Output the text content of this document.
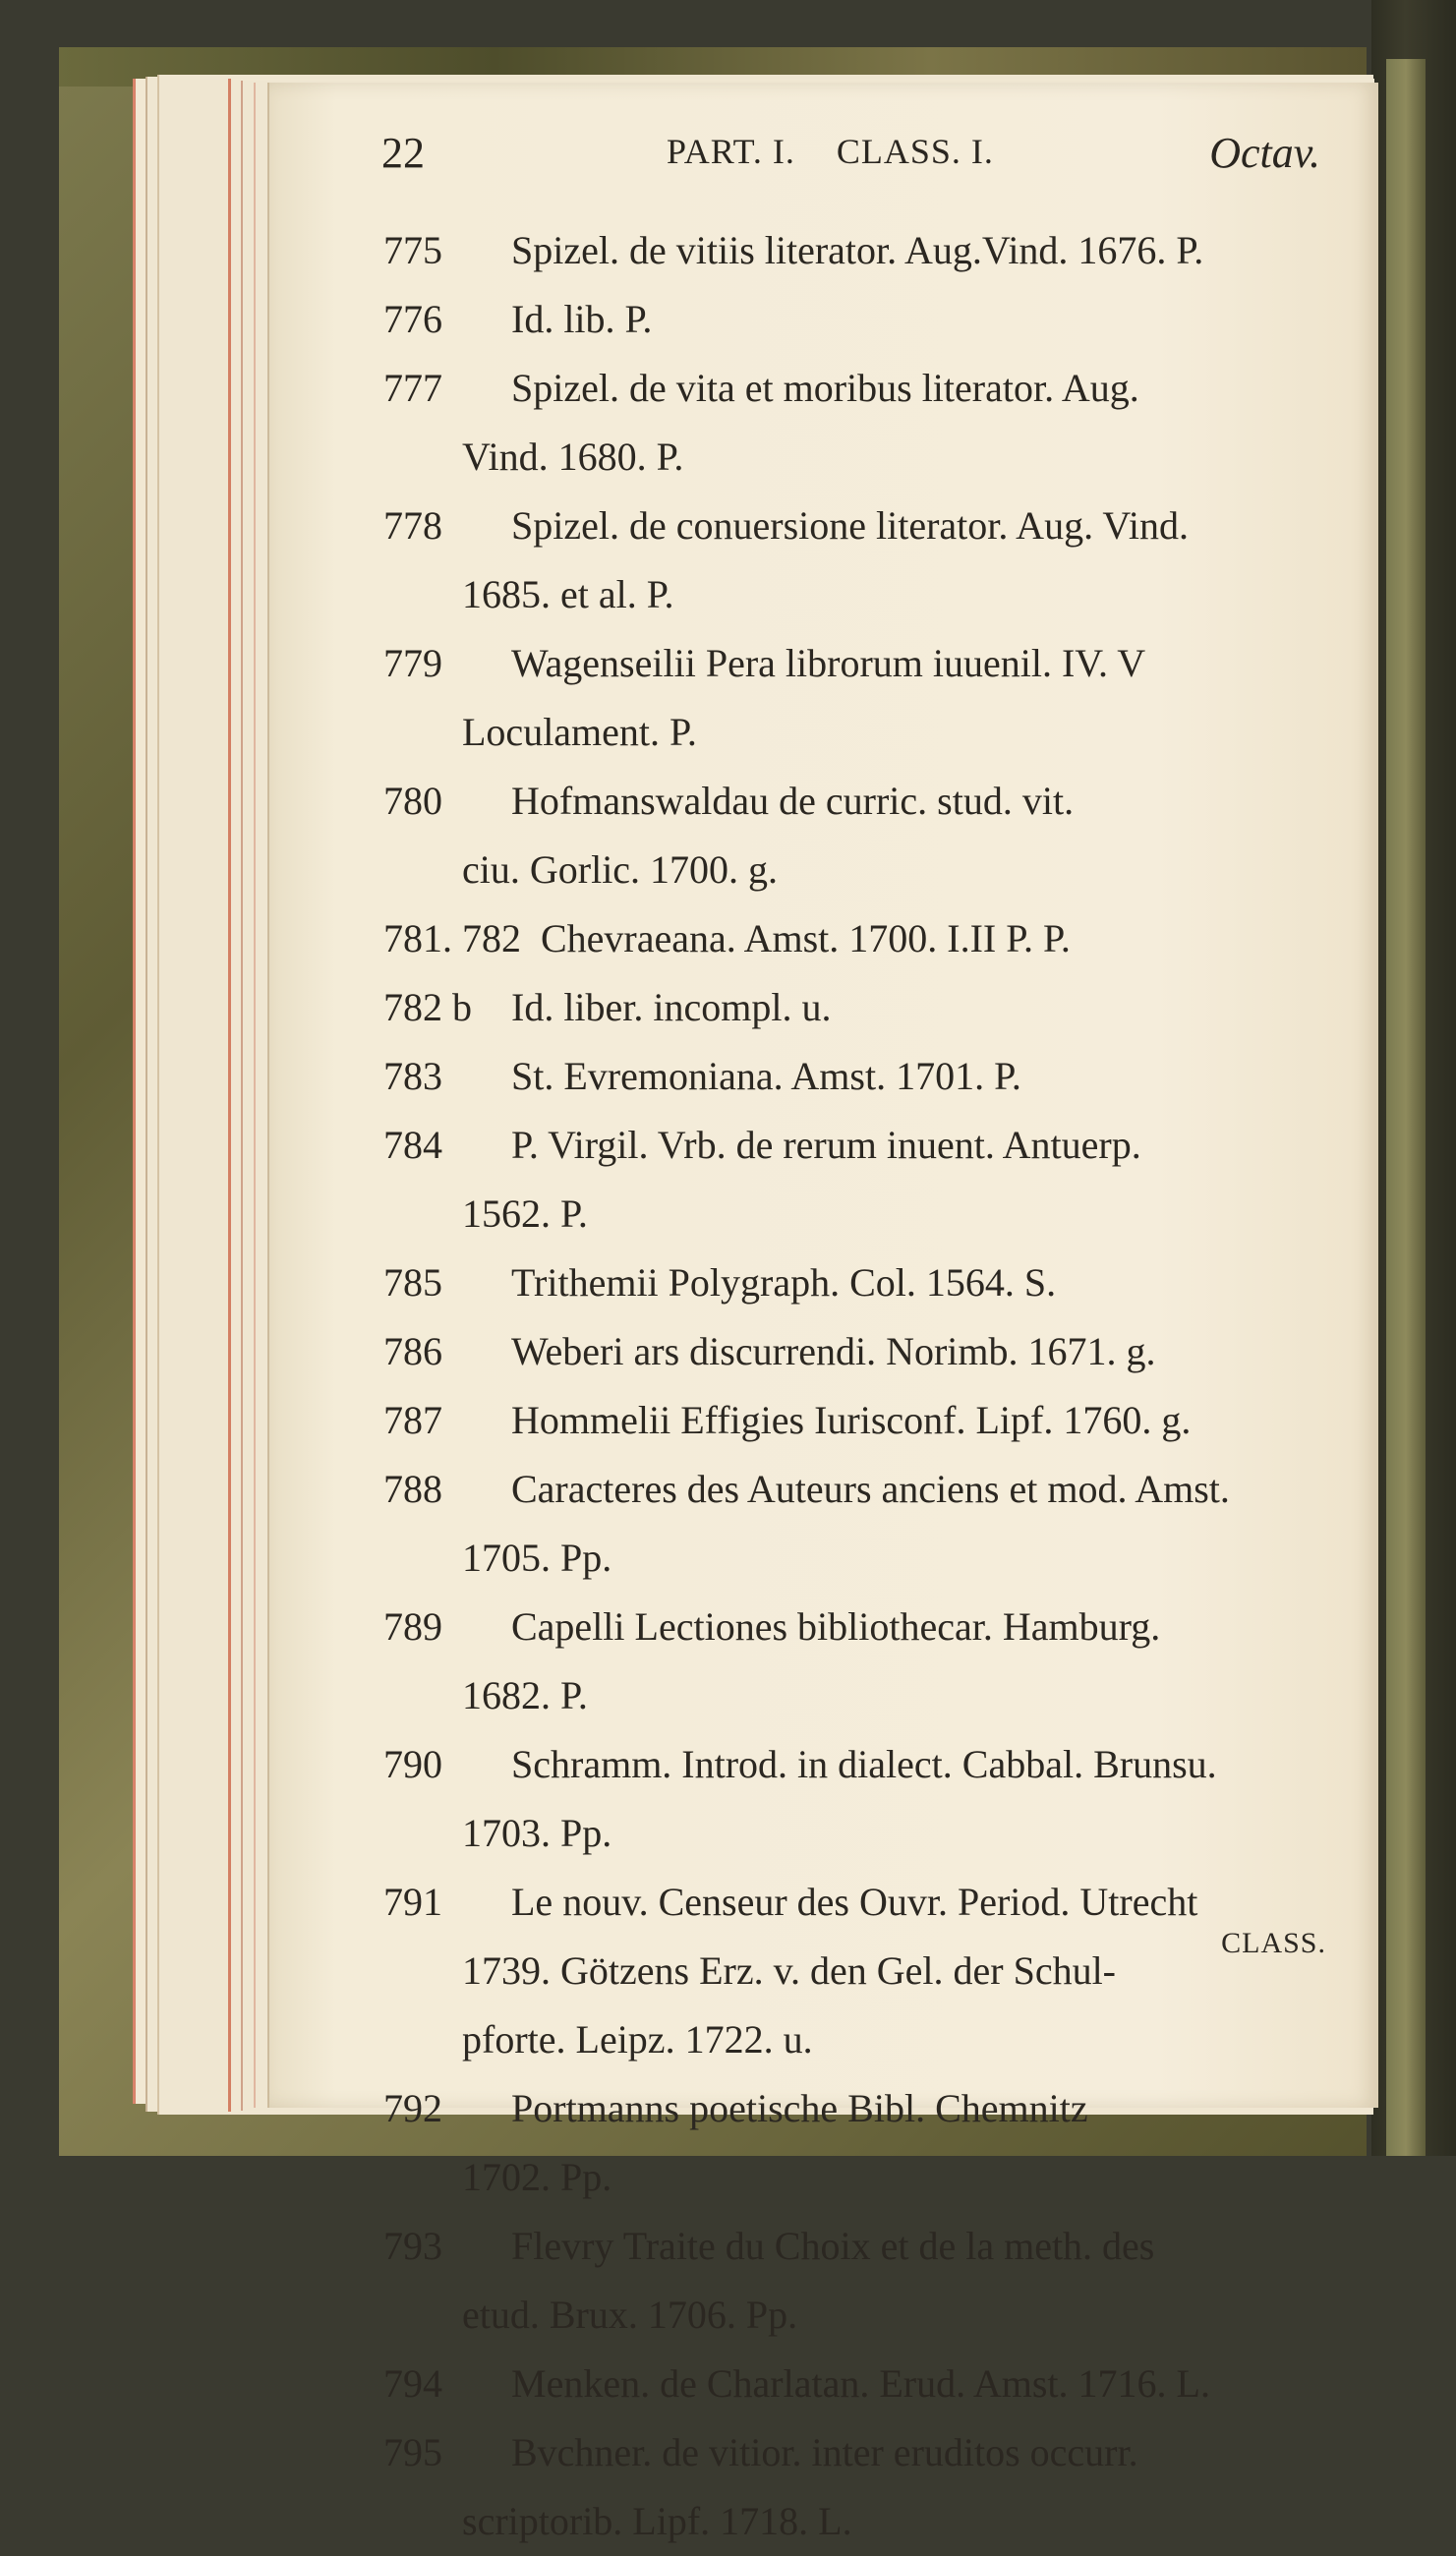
22	PART. I. CLASS. I.	Octav.
775	Spizel. de vitiis literator. Aug.Vind. 1676. P.
776	Id. lib. P.
777	Spizel. de vita et moribus literator. Aug.
Vind. 1680. P.
778	Spizel. de conuersione literator. Aug. Vind.
1685. et al. P.
779	Wagenseilii Pera librorum iuuenil. IV. V
Loculament. P.
780	Hofmanswaldau de curric. stud. vit.
ciu. Gorlic. 1700. g.
781. 782 Chevraeana. Amst. 1700. I.II P. P.
782 b	Id. liber. incompl. u.
783	St. Evremoniana. Amst. 1701. P.
784	P. Virgil. Vrb. de rerum inuent. Antuerp.
1562. P.
785	Trithemii Polygraph. Col. 1564. S.
786	Weberi ars discurrendi. Norimb. 1671. g.
787	Hommelii Effigies Iurisconf. Lipf. 1760. g.
788	Caracteres des Auteurs anciens et mod. Amst.
1705. Pp.
789	Capelli Lectiones bibliothecar. Hamburg.
1682. P.
790	Schramm. Introd. in dialect. Cabbal. Brunsu.
1703. Pp.
791	Le nouv. Censeur des Ouvr. Period. Utrecht
1739. Götzens Erz. v. den Gel. der Schul-
pforte. Leipz. 1722. u.
792	Portmanns poetische Bibl. Chemnitz
1702. Pp.
793	Flevry Traite du Choix et de la meth. des
etud. Brux. 1706. Pp.
794	Menken. de Charlatan. Erud. Amst. 1716. L.
795	Bvchner. de vitior. inter eruditos occurr.
scriptorib. Lipf. 1718. L.
CLASS.
